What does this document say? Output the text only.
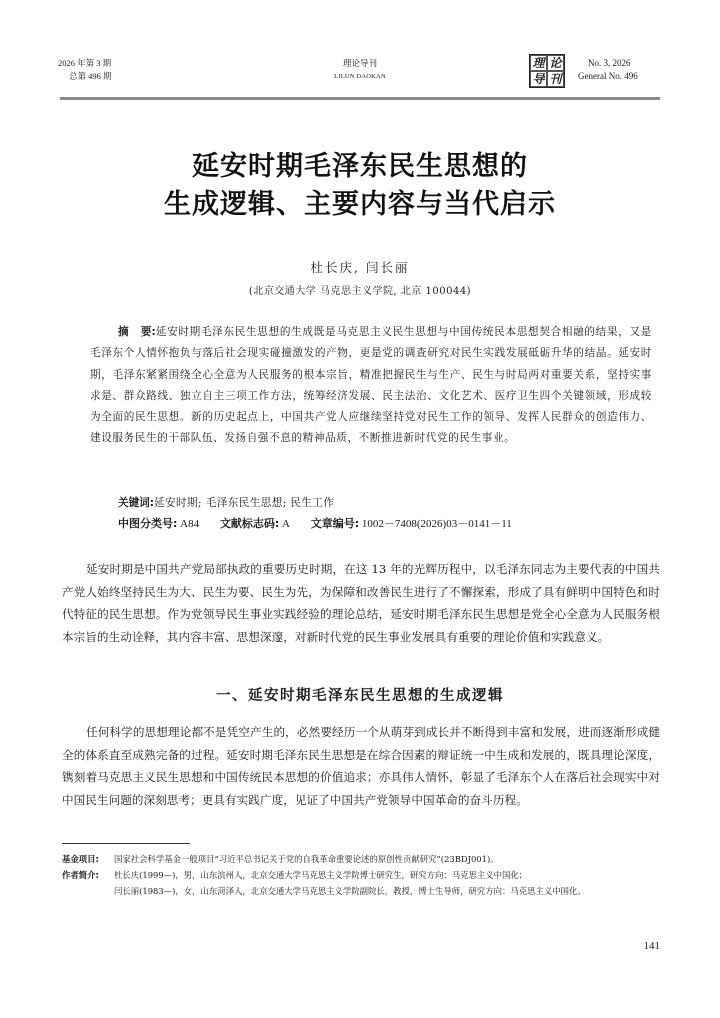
2026 年第 3 期
总第 496 期
理论导刊
LILUN DAOKAN
理 论
导 刊
No. 3, 2026
General No. 496
延安时期毛泽东民生思想的
生成逻辑、主要内容与当代启示
杜长庆, 闫长丽
(北京交通大学 马克思主义学院, 北京 100044)
摘 要:延安时期毛泽东民生思想的生成既是马克思主义民生思想与中国传统民本思想契合相融的结果，又是毛泽东个人情怀抱负与落后社会现实碰撞激发的产物，更是党的调查研究对民生实践发展砥砺升华的结晶。延安时期，毛泽东紧紧围绕全心全意为人民服务的根本宗旨，精准把握民生与生产、民生与时局两对重要关系，坚持实事求是、群众路线、独立自主三项工作方法，统筹经济发展、民主法治、文化艺术、医疗卫生四个关键领域，形成较为全面的民生思想。新的历史起点上，中国共产党人应继续坚持党对民生工作的领导、发挥人民群众的创造伟力、建设服务民生的干部队伍、发扬自强不息的精神品质，不断推进新时代党的民生事业。
关键词:延安时期; 毛泽东民生思想; 民生工作
中图分类号: A84 文献标志码: A 文章编号: 1002－7408(2026)03－0141－11

延安时期是中国共产党局部执政的重要历史时期，在这 13 年的光辉历程中，以毛泽东同志为主要代表的中国共产党人始终坚持民生为大、民生为要、民生为先，为保障和改善民生进行了不懈探索，形成了具有鲜明中国特色和时代特征的民生思想。作为党领导民生事业实践经验的理论总结，延安时期毛泽东民生思想是党全心全意为人民服务根本宗旨的生动诠释，其内容丰富、思想深邃，对新时代党的民生事业发展具有重要的理论价值和实践意义。

一、延安时期毛泽东民生思想的生成逻辑

任何科学的思想理论都不是凭空产生的，必然要经历一个从萌芽到成长并不断得到丰富和发展，进而逐渐形成健全的体系直至成熟完备的过程。延安时期毛泽东民生思想是在综合因素的辩证统一中生成和发展的，既具理论深度，镌刻着马克思主义民生思想和中国传统民本思想的价值追求；亦具伟人情怀，彰显了毛泽东个人在落后社会现实中对中国民生问题的深刻思考；更具有实践广度，见证了中国共产党领导中国革命的奋斗历程。

基金项目: 国家社会科学基金一般项目“习近平总书记关于党的自我革命重要论述的原创性贡献研究”(23BDJ001)。
作者简介: 杜长庆(1999—)，男，山东滨州人，北京交通大学马克思主义学院博士研究生，研究方向：马克思主义中国化；
闫长丽(1983—)，女，山东菏泽人，北京交通大学马克思主义学院副院长，教授，博士生导师，研究方向：马克思主义中国化。
141
